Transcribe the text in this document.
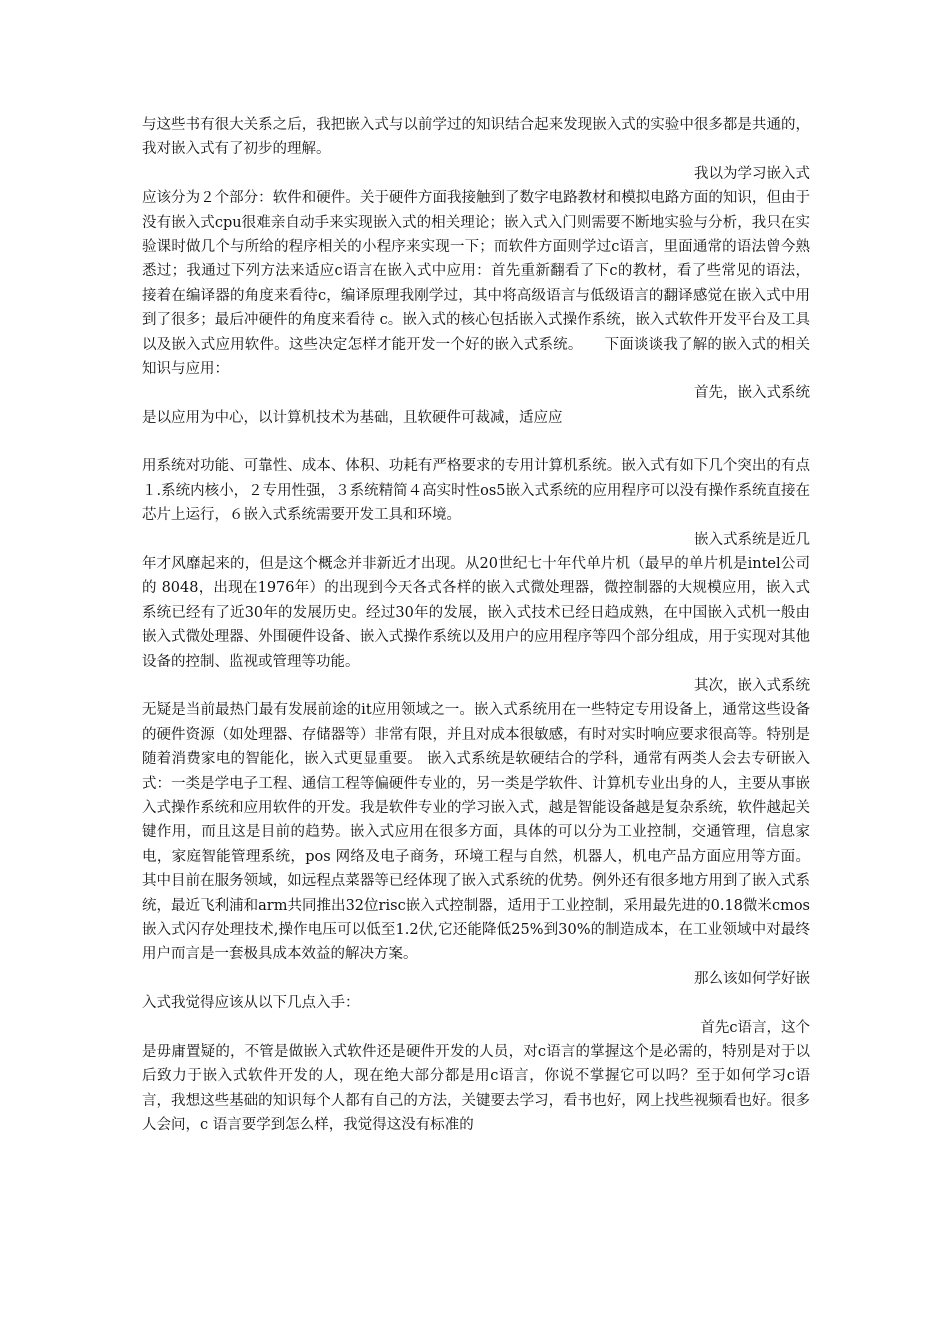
与这些书有很大关系之后，我把嵌入式与以前学过的知识结合起来发现嵌入式的实验中很多都是共通的，我对嵌入式有了初步的理解。

我以为学习嵌入式

应该分为２个部分：软件和硬件。关于硬件方面我接触到了数字电路教材和模拟电路方面的知识，但由于没有嵌入式cpu很难亲自动手来实现嵌入式的相关理论；嵌入式入门则需要不断地实验与分析，我只在实验课时做几个与所给的程序相关的小程序来实现一下；而软件方面则学过c语言，里面通常的语法曾今熟悉过；我通过下列方法来适应c语言在嵌入式中应用：首先重新翻看了下c的教材，看了些常见的语法，接着在编译器的角度来看待c，编译原理我刚学过，其中将高级语言与低级语言的翻译感觉在嵌入式中用到了很多；最后冲硬件的角度来看待 c。嵌入式的核心包括嵌入式操作系统，嵌入式软件开发平台及工具以及嵌入式应用软件。这些决定怎样才能开发一个好的嵌入式系统。　　下面谈谈我了解的嵌入式的相关知识与应用：

首先，嵌入式系统

是以应用为中心，以计算机技术为基础，且软硬件可裁减，适应应

用系统对功能、可靠性、成本、体积、功耗有严格要求的专用计算机系统。嵌入式有如下几个突出的有点１.系统内核小，２专用性强，３系统精简４高实时性os5嵌入式系统的应用程序可以没有操作系统直接在芯片上运行，６嵌入式系统需要开发工具和环境。

嵌入式系统是近几

年才风靡起来的，但是这个概念并非新近才出现。从20世纪七十年代单片机（最早的单片机是intel公司的 8048，出现在1976年）的出现到今天各式各样的嵌入式微处理器，微控制器的大规模应用，嵌入式系统已经有了近30年的发展历史。经过30年的发展，嵌入式技术已经日趋成熟，在中国嵌入式机一般由嵌入式微处理器、外围硬件设备、嵌入式操作系统以及用户的应用程序等四个部分组成，用于实现对其他设备的控制、监视或管理等功能。

其次，嵌入式系统

无疑是当前最热门最有发展前途的it应用领域之一。嵌入式系统用在一些特定专用设备上，通常这些设备的硬件资源（如处理器、存储器等）非常有限，并且对成本很敏感，有时对实时响应要求很高等。特别是随着消费家电的智能化，嵌入式更显重要。 嵌入式系统是软硬结合的学科，通常有两类人会去专研嵌入式：一类是学电子工程、通信工程等偏硬件专业的，另一类是学软件、计算机专业出身的人，主要从事嵌入式操作系统和应用软件的开发。我是软件专业的学习嵌入式，越是智能设备越是复杂系统，软件越起关键作用，而且这是目前的趋势。嵌入式应用在很多方面，具体的可以分为工业控制，交通管理，信息家电，家庭智能管理系统，pos 网络及电子商务，环境工程与自然，机器人，机电产品方面应用等方面。其中目前在服务领域，如远程点菜器等已经体现了嵌入式系统的优势。例外还有很多地方用到了嵌入式系统，最近飞利浦和arm共同推出32位risc嵌入式控制器，适用于工业控制，采用最先进的0.18微米cmos嵌入式闪存处理技术,操作电压可以低至1.2伏,它还能降低25%到30%的制造成本，在工业领域中对最终用户而言是一套极具成本效益的解决方案。

那么该如何学好嵌

入式我觉得应该从以下几点入手：

首先c语言，这个

是毋庸置疑的，不管是做嵌入式软件还是硬件开发的人员，对c语言的掌握这个是必需的，特别是对于以后致力于嵌入式软件开发的人，现在绝大部分都是用c语言，你说不掌握它可以吗？至于如何学习c语言，我想这些基础的知识每个人都有自己的方法，关键要去学习，看书也好，网上找些视频看也好。很多人会问，c 语言要学到怎么样，我觉得这没有标准的
